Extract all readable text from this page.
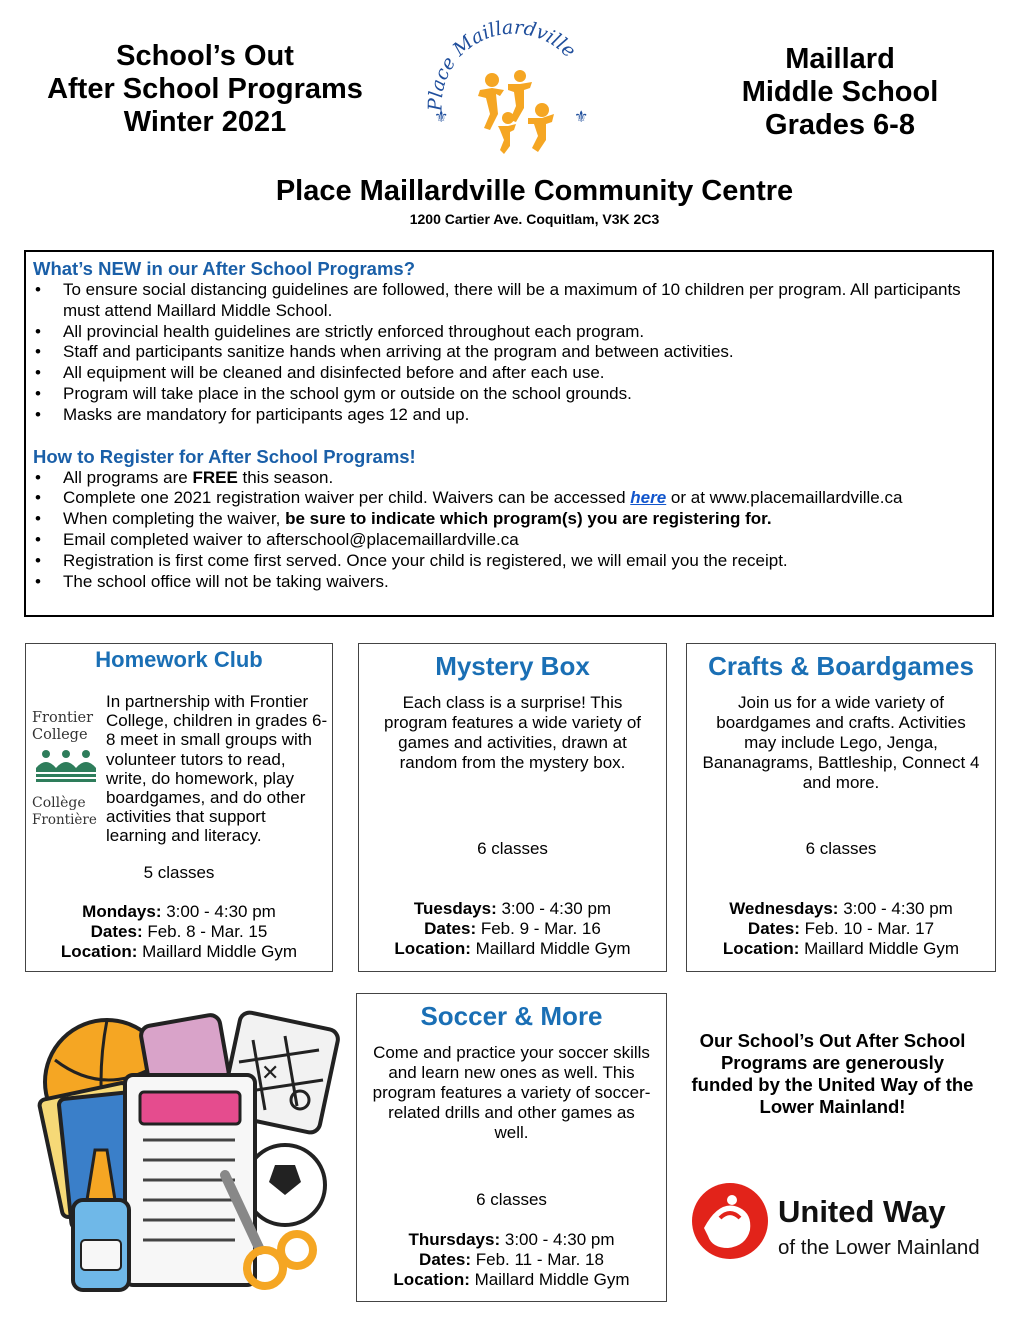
School’s Out
After School Programs
Winter 2021
Place Maillardville
⚜	⚜
Maillard
Middle School
Grades 6-8
Place Maillardville Community Centre
1200 Cartier Ave. Coquitlam, V3K 2C3
What’s NEW in our After School Programs?
• To ensure social distancing guidelines are followed, there will be a maximum of 10 children per program. All participants must attend Maillard Middle School.
• All provincial health guidelines are strictly enforced throughout each program.
• Staff and participants sanitize hands when arriving at the program and between activities.
• All equipment will be cleaned and disinfected before and after each use.
• Program will take place in the school gym or outside on the school grounds.
• Masks are mandatory for participants ages 12 and up.
How to Register for After School Programs!
• All programs are FREE this season.
• Complete one 2021 registration waiver per child. Waivers can be accessed here or at www.placemaillardville.ca
• When completing the waiver, be sure to indicate which program(s) you are registering for.
• Email completed waiver to afterschool@placemaillardville.ca
• Registration is first come first served. Once your child is registered, we will email you the receipt.
• The school office will not be taking waivers.
Homework Club
Frontier
College
Collège
Frontière
In partnership with Frontier College, children in grades 6-8 meet in small groups with volunteer tutors to read, write, do homework, play boardgames, and do other activities that support learning and literacy.
5 classes
Mondays: 3:00 - 4:30 pm
Dates: Feb. 8 - Mar. 15
Location: Maillard Middle Gym
Mystery Box
Each class is a surprise! This program features a wide variety of games and activities, drawn at random from the mystery box.
6 classes
Tuesdays: 3:00 - 4:30 pm
Dates: Feb. 9 - Mar. 16
Location: Maillard Middle Gym
Crafts & Boardgames
Join us for a wide variety of boardgames and crafts. Activities may include Lego, Jenga, Bananagrams, Battleship, Connect 4 and more.
6 classes
Wednesdays: 3:00 - 4:30 pm
Dates: Feb. 10 - Mar. 17
Location: Maillard Middle Gym
Soccer & More
Come and practice your soccer skills and learn new ones as well. This program features a variety of soccer-related drills and other games as well.
6 classes
Thursdays: 3:00 - 4:30 pm
Dates: Feb. 11 - Mar. 18
Location: Maillard Middle Gym
✕
Our School’s Out After School Programs are generously funded by the United Way of the Lower Mainland!
United Way
of the Lower Mainland
